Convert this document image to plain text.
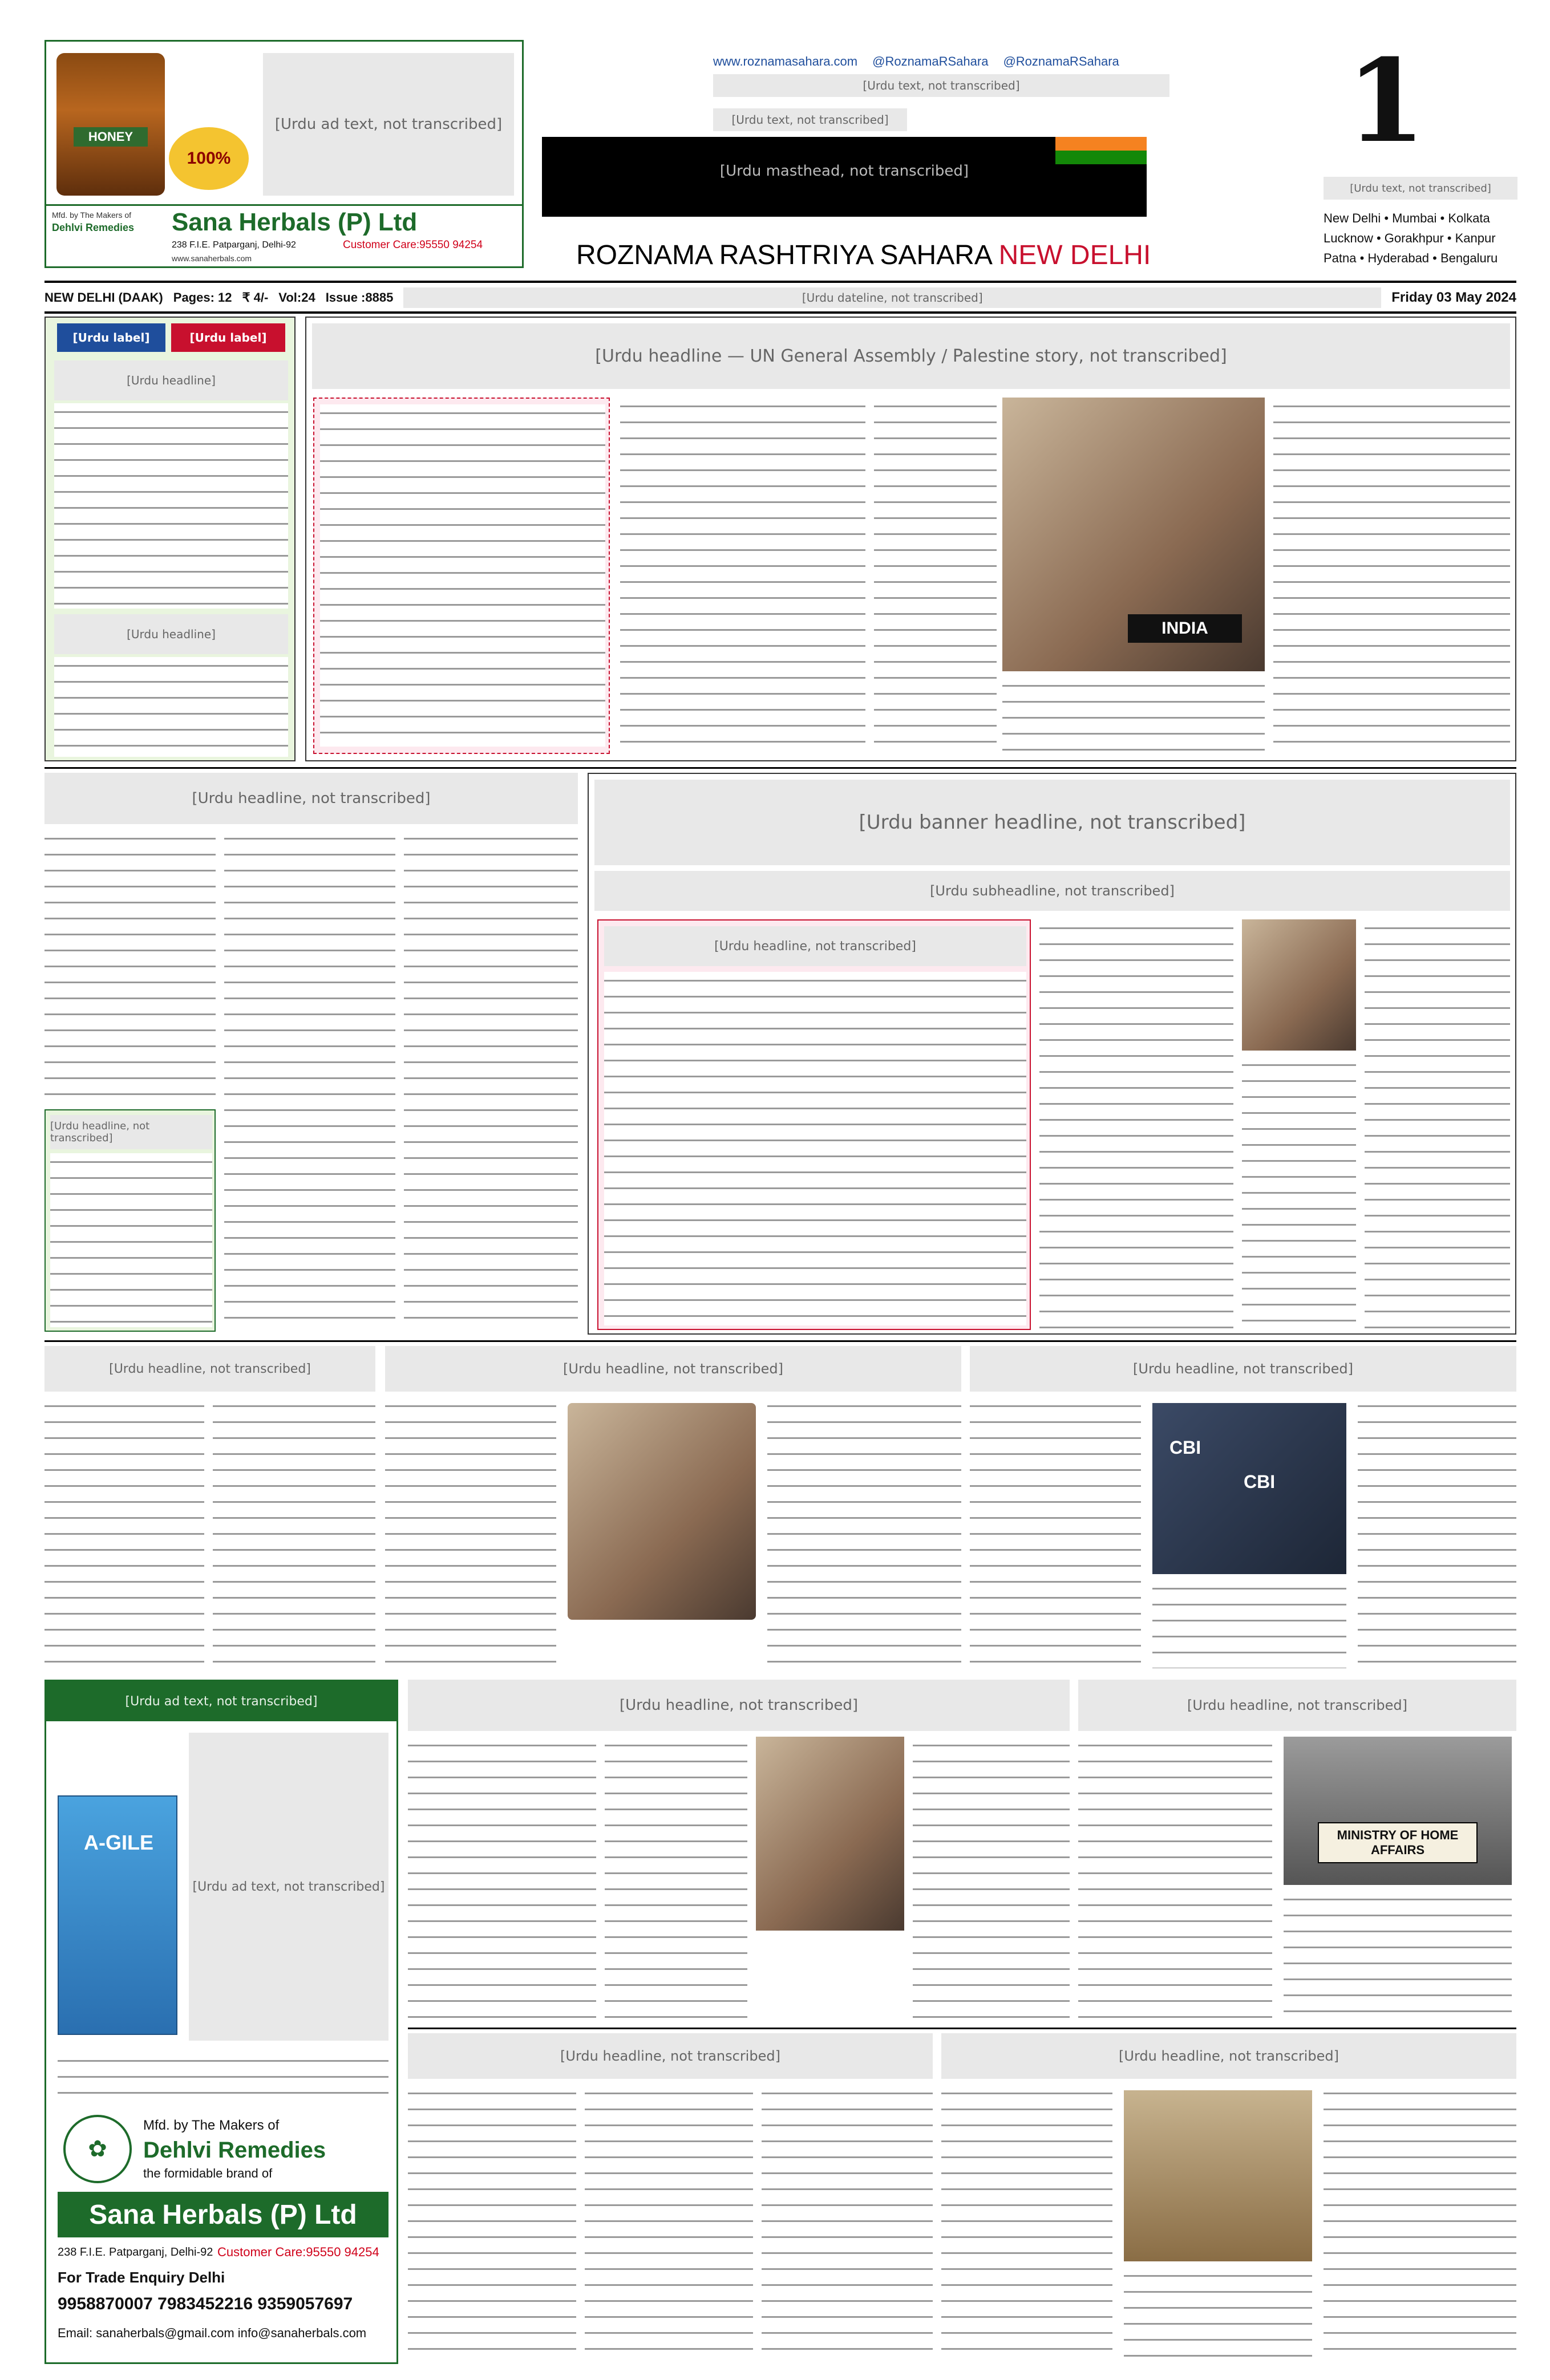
HONEY
100%
[Urdu ad text, not transcribed]
Mfd. by The Makers of
Dehlvi Remedies Sana Herbals (P) Ltd
238 F.I.E. Patparganj, Delhi-92	Customer Care:95550 94254
www.sanaherbals.com
www.roznamasahara.com @RoznamaRSahara @RoznamaRSahara
[Urdu text, not transcribed]
[Urdu masthead, not transcribed]
[Urdu text, not transcribed]
ROZNAMA RASHTRIYA SAHARA NEW DELHI
1
[Urdu text, not transcribed]
New Delhi • Mumbai • Kolkata
Lucknow • Gorakhpur • Kanpur
Patna • Hyderabad • Bengaluru
NEW DELHI (DAAK) Pages: 12 ₹ 4/- Vol:24 Issue :8885	[Urdu dateline, not transcribed]	Friday 03 May 2024
[Urdu label]	[Urdu label]
[Urdu headline]
[Urdu headline]
[Urdu headline — UN General Assembly / Palestine story, not transcribed]
INDIA
[Urdu headline, not transcribed]
[Urdu headline, not transcribed]
[Urdu banner headline, not transcribed]
[Urdu subheadline, not transcribed]
[Urdu headline, not transcribed]
[Urdu headline, not transcribed]	[Urdu headline, not transcribed]	[Urdu headline, not transcribed]
CBI
CBI
[Urdu ad text, not transcribed]
[Urdu ad text, not transcribed]
A-GILE
✿
Mfd. by The Makers of
Dehlvi Remedies
the formidable brand of
Sana Herbals (P) Ltd
238 F.I.E. Patparganj, Delhi-92 Customer Care:95550 94254
For Trade Enquiry Delhi
9958870007 7983452216 9359057697
Email: sanaherbals@gmail.com info@sanaherbals.com
[Urdu headline, not transcribed]	[Urdu headline, not transcribed]
MINISTRY OF HOME AFFAIRS
[Urdu headline, not transcribed]	[Urdu headline, not transcribed]
